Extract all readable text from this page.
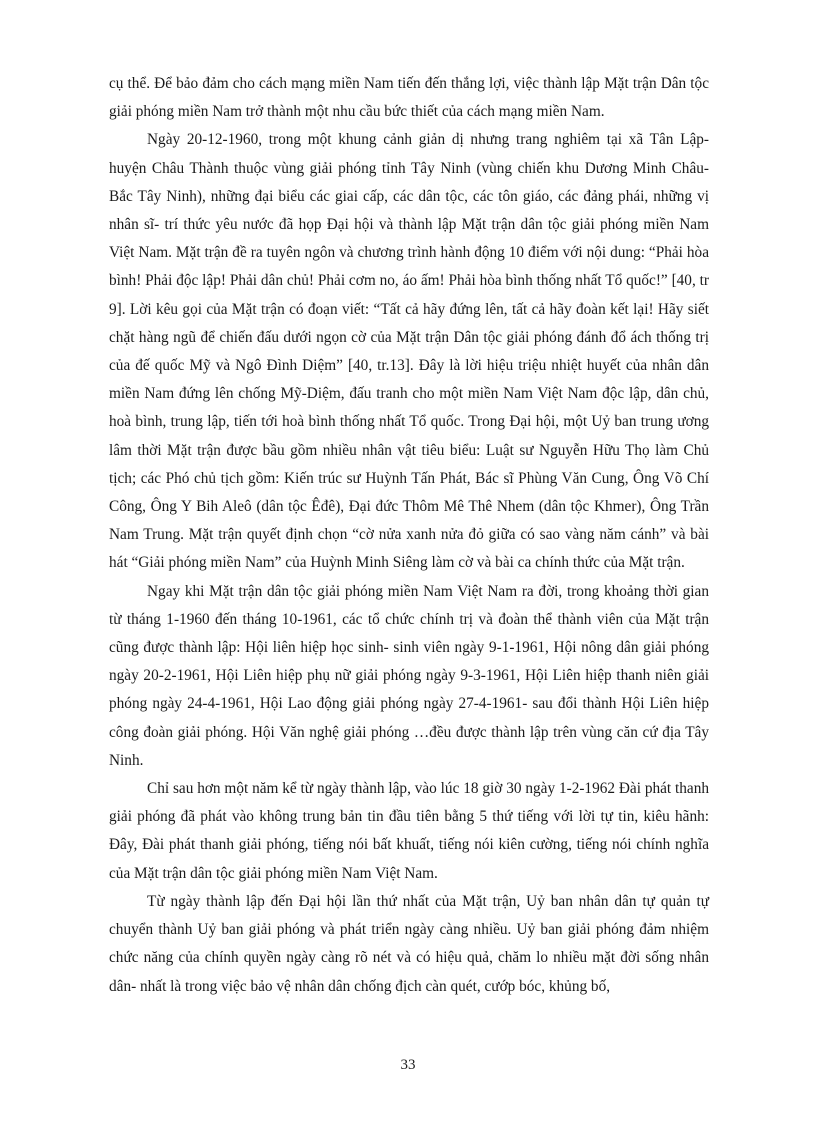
cụ thể. Để bảo đảm cho cách mạng miền Nam tiến đến thắng lợi, việc thành lập Mặt trận Dân tộc giải phóng miền Nam trở thành một nhu cầu bức thiết của cách mạng miền Nam.

Ngày 20-12-1960, trong một khung cảnh giản dị nhưng trang nghiêm tại xã Tân Lập- huyện Châu Thành thuộc vùng giải phóng tỉnh Tây Ninh (vùng chiến khu Dương Minh Châu- Bắc Tây Ninh), những đại biểu các giai cấp, các dân tộc, các tôn giáo, các đảng phái, những vị nhân sĩ- trí thức yêu nước đã họp Đại hội và thành lập Mặt trận dân tộc giải phóng miền Nam Việt Nam. Mặt trận đề ra tuyên ngôn và chương trình hành động 10 điểm với nội dung: “Phải hòa bình! Phải độc lập! Phải dân chủ! Phải cơm no, áo ấm! Phải hòa bình thống nhất Tổ quốc!” [40, tr 9]. Lời kêu gọi của Mặt trận có đoạn viết: “Tất cả hãy đứng lên, tất cả hãy đoàn kết lại! Hãy siết chặt hàng ngũ để chiến đấu dưới ngọn cờ của Mặt trận Dân tộc giải phóng đánh đổ ách thống trị của đế quốc Mỹ và Ngô Đình Diệm” [40, tr.13]. Đây là lời hiệu triệu nhiệt huyết của nhân dân miền Nam đứng lên chống Mỹ-Diệm, đấu tranh cho một miền Nam Việt Nam độc lập, dân chủ, hoà bình, trung lập, tiến tới hoà bình thống nhất Tổ quốc. Trong Đại hội, một Uỷ ban trung ương lâm thời Mặt trận được bầu gồm nhiều nhân vật tiêu biểu: Luật sư Nguyễn Hữu Thọ làm Chủ tịch; các Phó chủ tịch gồm: Kiến trúc sư Huỳnh Tấn Phát, Bác sĩ Phùng Văn Cung, Ông Võ Chí Công, Ông Y Bih Aleô (dân tộc Êđê), Đại đức Thôm Mê Thê Nhem (dân tộc Khmer), Ông Trần Nam Trung. Mặt trận quyết định chọn “cờ nửa xanh nửa đỏ giữa có sao vàng năm cánh” và bài hát “Giải phóng miền Nam” của Huỳnh Minh Siêng làm cờ và bài ca chính thức của Mặt trận.

Ngay khi Mặt trận dân tộc giải phóng miền Nam Việt Nam ra đời, trong khoảng thời gian từ tháng 1-1960 đến tháng 10-1961, các tổ chức chính trị và đoàn thể thành viên của Mặt trận cũng được thành lập: Hội liên hiệp học sinh- sinh viên ngày 9-1-1961, Hội nông dân giải phóng ngày 20-2-1961, Hội Liên hiệp phụ nữ giải phóng ngày 9-3-1961, Hội Liên hiệp thanh niên giải phóng ngày 24-4-1961, Hội Lao động giải phóng ngày 27-4-1961- sau đổi thành Hội Liên hiệp công đoàn giải phóng. Hội Văn nghệ giải phóng …đều được thành lập trên vùng căn cứ địa Tây Ninh.

Chỉ sau hơn một năm kể từ ngày thành lập, vào lúc 18 giờ 30 ngày 1-2-1962 Đài phát thanh giải phóng đã phát vào không trung bản tin đầu tiên bằng 5 thứ tiếng với lời tự tin, kiêu hãnh: Đây, Đài phát thanh giải phóng, tiếng nói bất khuất, tiếng nói kiên cường, tiếng nói chính nghĩa của Mặt trận dân tộc giải phóng miền Nam Việt Nam.

Từ ngày thành lập đến Đại hội lần thứ nhất của Mặt trận, Uỷ ban nhân dân tự quản tự chuyển thành Uỷ ban giải phóng và phát triển ngày càng nhiều. Uỷ ban giải phóng đảm nhiệm chức năng của chính quyền ngày càng rõ nét và có hiệu quả, chăm lo nhiều mặt đời sống nhân dân- nhất là trong việc bảo vệ nhân dân chống địch càn quét, cướp bóc, khủng bố,

33
